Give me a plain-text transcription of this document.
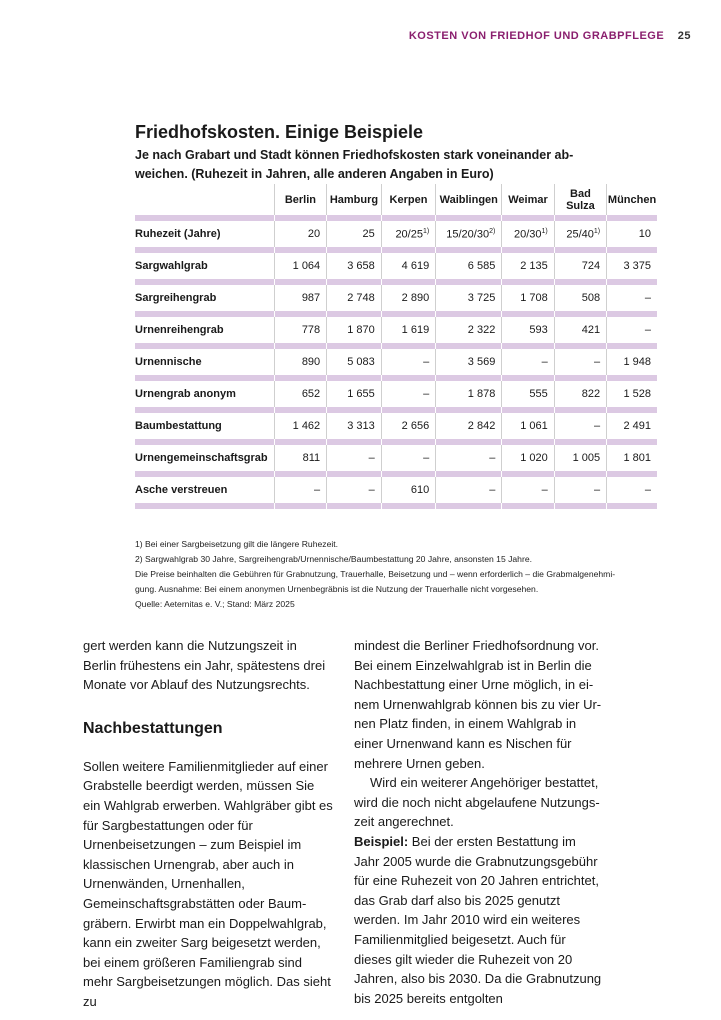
KOSTEN VON FRIEDHOF UND GRABPFLEGE 25
Friedhofskosten. Einige Beispiele
Je nach Grabart und Stadt können Friedhofskosten stark voneinander ab-
weichen. (Ruhezeit in Jahren, alle anderen Angaben in Euro)
	Berlin	Hamburg	Kerpen	Waiblingen	Weimar	Bad Sulza	München

Ruhezeit (Jahre)	20	25	20/25$^{1)}$	15/20/30$^{2)}$	20/30$^{1)}$	25/40$^{1)}$	10

Sargwahlgrab	1 064	3 658	4 619	6 585	2 135	724	3 375

Sargreihengrab	987	2 748	2 890	3 725	1 708	508	–

Urnenreihengrab	778	1 870	1 619	2 322	593	421	–

Urnennische	890	5 083	–	3 569	–	–	1 948

Urnengrab anonym	652	1 655	–	1 878	555	822	1 528

Baumbestattung	1 462	3 313	2 656	2 842	1 061	–	2 491

Urnengemeinschaftsgrab	811	–	–	–	1 020	1 005	1 801

Asche verstreuen	–	–	610	–	–	–	–

1) Bei einer Sargbeisetzung gilt die längere Ruhezeit.
2) Sargwahlgrab 30 Jahre, Sargreihengrab/Urnennische/Baumbestattung 20 Jahre, ansonsten 15 Jahre.
Die Preise beinhalten die Gebühren für Grabnutzung, Trauerhalle, Beisetzung und – wenn erforderlich – die Grabmalgenehmi-
gung. Ausnahme: Bei einem anonymen Urnenbegräbnis ist die Nutzung der Trauerhalle nicht vorgesehen.
Quelle: Aeternitas e. V.; Stand: März 2025

gert werden kann die Nutzungszeit in Berlin frühestens ein Jahr, spätestens drei Monate vor Ablauf des Nutzungsrechts.

Nachbestattungen

Sollen weitere Familienmitglieder auf einer Grabstelle beerdigt werden, müssen Sie ein Wahlgrab erwerben. Wahlgräber gibt es für Sargbestattungen oder für Urnenbeisetzungen – zum Beispiel im klassischen Urnengrab, aber auch in Urnenwänden, Urnenhallen, Gemeinschaftsgrabstätten oder Baumgräbern. Erwirbt man ein Doppelwahlgrab, kann ein zweiter Sarg beigesetzt werden, bei einem größeren Familiengrab sind mehr Sargbeisetzungen möglich. Das sieht zu

mindest die Berliner Friedhofsordnung vor. Bei einem Einzelwahlgrab ist in Berlin die Nachbestattung einer Urne möglich, in einem Urnenwahlgrab können bis zu vier Urnen Platz finden, in einem Wahlgrab in einer Urnenwand kann es Nischen für mehrere Urnen geben.

Wird ein weiterer Angehöriger bestattet, wird die noch nicht abgelaufene Nutzungszeit angerechnet.

Beispiel: Bei der ersten Bestattung im Jahr 2005 wurde die Grabnutzungsgebühr für eine Ruhezeit von 20 Jahren entrichtet, das Grab darf also bis 2025 genutzt werden. Im Jahr 2010 wird ein weiteres Familienmitglied beigesetzt. Auch für dieses gilt wieder die Ruhezeit von 20 Jahren, also bis 2030. Da die Grabnutzung bis 2025 bereits entgolten
